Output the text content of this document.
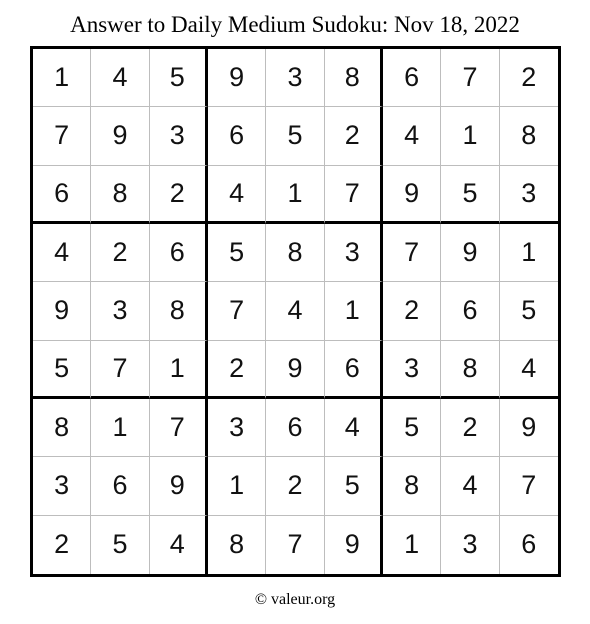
Answer to Daily Medium Sudoku: Nov 18, 2022
1	4	5	9	3	8	6	7	2
7	9	3	6	5	2	4	1	8
6	8	2	4	1	7	9	5	3
4	2	6	5	8	3	7	9	1
9	3	8	7	4	1	2	6	5
5	7	1	2	9	6	3	8	4
8	1	7	3	6	4	5	2	9
3	6	9	1	2	5	8	4	7
2	5	4	8	7	9	1	3	6
© valeur.org
